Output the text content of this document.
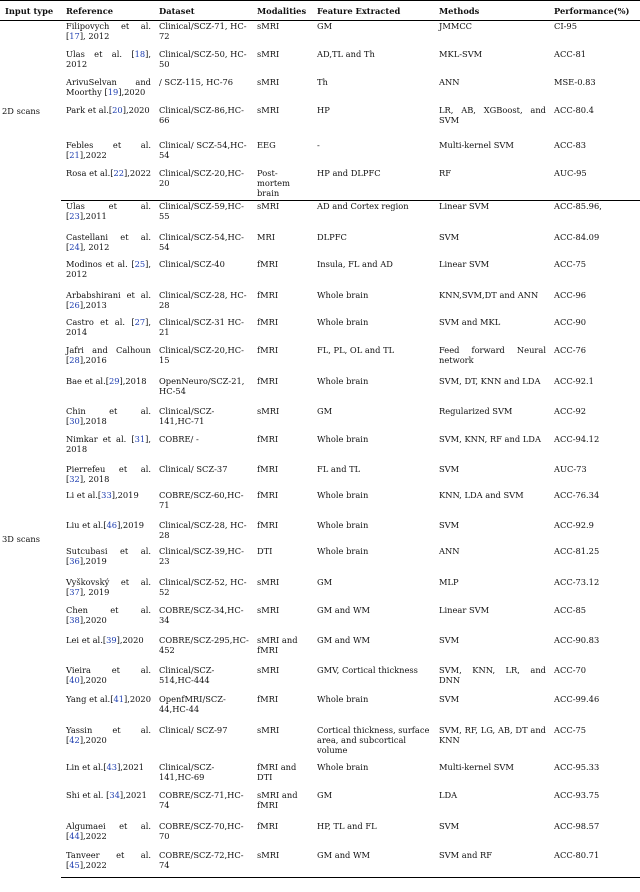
Input type	Reference	Dataset	Modalities	Feature Extracted	Methods	Performance(%)
2D scans	Filipovych et al.[17], 2012	Clinical/SCZ-71, HC-72	sMRI	GM	JMMCC	CI-95
	Ulas et al. [18], 2012	Clinical/SCZ-50, HC-50	sMRI	AD,TL and Th	MKL-SVM	ACC-81
	ArivuSelvan and Moorthy [19],2020	/ SCZ-115, HC-76	sMRI	Th	ANN	MSE-0.83
	Park et al.[20],2020	Clinical/SCZ-86,HC-66	sMRI	HP	LR, AB, XGBoost, and SVM	ACC-80.4
	Febles et al.[21],2022	Clinical/ SCZ-54,HC-54	EEG	-	Multi-kernel SVM	ACC-83
	Rosa et al.[22],2022	Clinical/SCZ-20,HC-20	Post-mortem brain	HP and DLPFC	RF	AUC-95
3D scans	Ulas et al. [23],2011	Clinical/SCZ-59,HC-55	sMRI	AD and Cortex region	Linear SVM	ACC-85.96,
	Castellani et al. [24], 2012	Clinical/SCZ-54,HC-54	MRI	DLPFC	SVM	ACC-84.09
	Modinos et al. [25], 2012	Clinical/SCZ-40	fMRI	Insula, FL and AD	Linear SVM	ACC-75
	Arbabshirani et al. [26],2013	Clinical/SCZ-28, HC-28	fMRI	Whole brain	KNN,SVM,DT and ANN	ACC-96
	Castro et al. [27], 2014	Clinical/SCZ-31 HC-21	fMRI	Whole brain	SVM and MKL	ACC-90
	Jafri and Calhoun [28],2016	Clinical/SCZ-20,HC-15	fMRI	FL, PL, OL and TL	Feed forward Neural network	ACC-76
	Bae et al.[29],2018	OpenNeuro/SCZ-21, HC-54	fMRI	Whole brain	SVM, DT, KNN and LDA	ACC-92.1
	Chin et al. [30],2018	Clinical/SCZ-141,HC-71	sMRI	GM	Regularized SVM	ACC-92
	Nimkar et al. [31], 2018	COBRE/ -	fMRI	Whole brain	SVM, KNN, RF and LDA	ACC-94.12
	Pierrefeu et al. [32], 2018	Clinical/ SCZ-37	fMRI	FL and TL	SVM	AUC-73
	Li et al.[33],2019	COBRE/SCZ-60,HC-71	fMRI	Whole brain	KNN, LDA and SVM	ACC-76.34
	Liu et al.[46],2019	Clinical/SCZ-28, HC-28	fMRI	Whole brain	SVM	ACC-92.9
	Sutcubasi et al.[36],2019	Clinical/SCZ-39,HC-23	DTI	Whole brain	ANN	ACC-81.25
	Vyškovský et al. [37], 2019	Clinical/SCZ-52, HC-52	sMRI	GM	MLP	ACC-73.12
	Chen et al.[38],2020	COBRE/SCZ-34,HC-34	sMRI	GM and WM	Linear SVM	ACC-85
	Lei et al.[39],2020	COBRE/SCZ-295,HC-452	sMRI and fMRI	GM and WM	SVM	ACC-90.83
	Vieira et al. [40],2020	Clinical/SCZ-514,HC-444	sMRI	GMV, Cortical thickness	SVM, KNN, LR, and DNN	ACC-70
	Yang et al.[41],2020	OpenfMRI/SCZ-44,HC-44	fMRI	Whole brain	SVM	ACC-99.46
	Yassin et al.[42],2020	Clinical/ SCZ-97	sMRI	Cortical thickness, surface area, and subcortical volume	SVM, RF, LG, AB, DT and KNN	ACC-75
	Lin et al.[43],2021	Clinical/SCZ-141,HC-69	fMRI and DTI	Whole brain	Multi-kernel SVM	ACC-95.33
	Shi et al. [34],2021	COBRE/SCZ-71,HC-74	sMRI and fMRI	GM	LDA	ACC-93.75
	Algumaei et al.[44],2022	COBRE/SCZ-70,HC-70	fMRI	HP, TL and FL	SVM	ACC-98.57
	Tanveer et al.[45],2022	COBRE/SCZ-72,HC-74	sMRI	GM and WM	SVM and RF	ACC-80.71
